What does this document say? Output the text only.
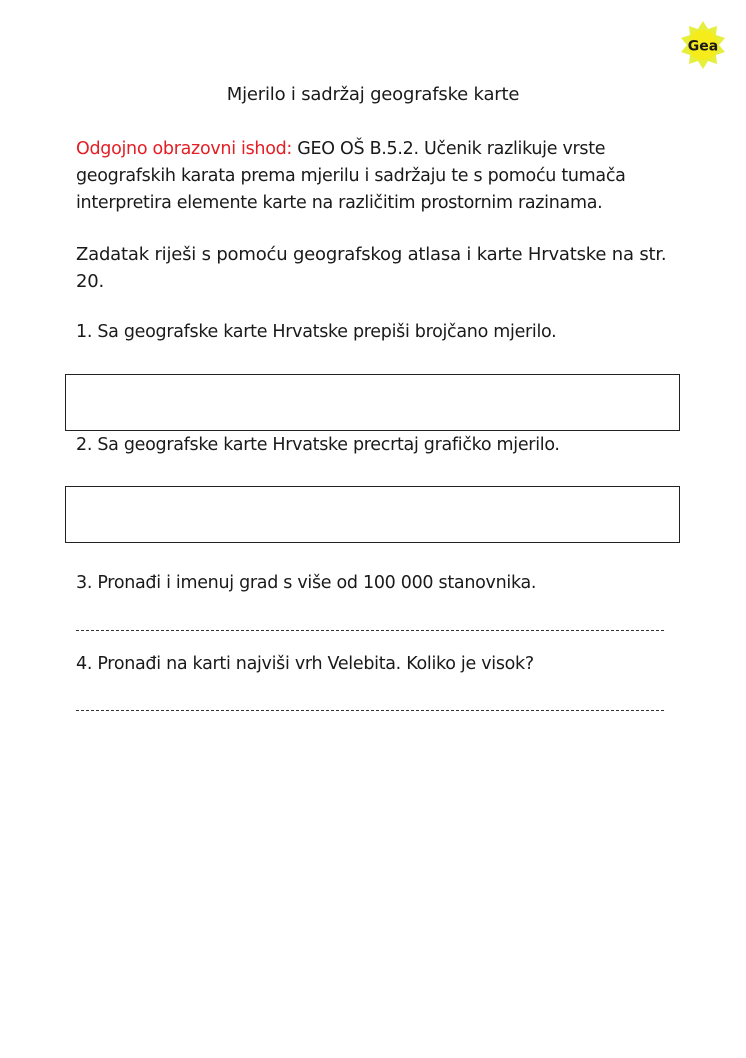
Gea
Mjerilo i sadržaj geografske karte
Odgojno obrazovni ishod: GEO OŠ B.5.2. Učenik razlikuje vrste geografskih karata prema mjerilu i sadržaju te s pomoću tumača interpretira elemente karte na različitim prostornim razinama.
Zadatak riješi s pomoću geografskog atlasa i karte Hrvatske na str. 20.
1. Sa geografske karte Hrvatske prepiši brojčano mjerilo.
2. Sa geografske karte Hrvatske precrtaj grafičko mjerilo.
3. Pronađi i imenuj grad s više od 100 000 stanovnika.
4. Pronađi na karti najviši vrh Velebita. Koliko je visok?
